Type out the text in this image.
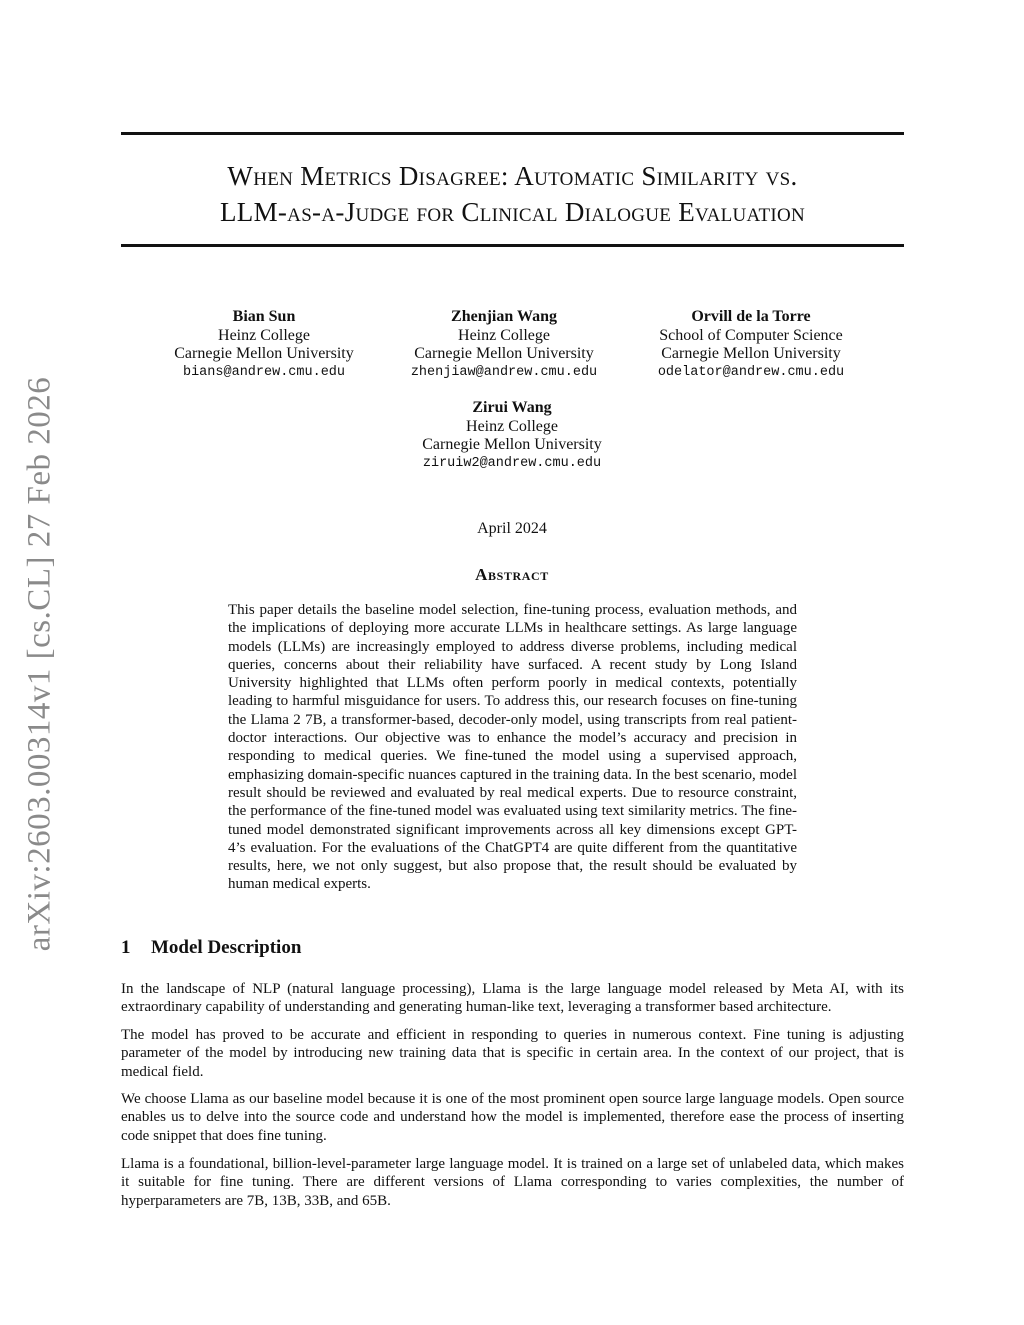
arXiv:2603.00314v1 [cs.CL] 27 Feb 2026
When Metrics Disagree: Automatic Similarity vs.
LLM-as-a-Judge for Clinical Dialogue Evaluation
Bian Sun
Heinz College
Carnegie Mellon University
bians@andrew.cmu.edu
Zhenjian Wang
Heinz College
Carnegie Mellon University
zhenjiaw@andrew.cmu.edu
Orvill de la Torre
School of Computer Science
Carnegie Mellon University
odelator@andrew.cmu.edu
Zirui Wang
Heinz College
Carnegie Mellon University
ziruiw2@andrew.cmu.edu
April 2024
Abstract

This paper details the baseline model selection, fine-tuning process, evaluation methods, and the implications of deploying more accurate LLMs in healthcare settings. As large language models (LLMs) are increasingly employed to address diverse problems, including medical queries, concerns about their reliability have surfaced. A recent study by Long Island University highlighted that LLMs often perform poorly in medical contexts, potentially leading to harmful misguidance for users. To address this, our research focuses on fine-tuning the Llama 2 7B, a transformer-based, decoder-only model, using transcripts from real patient-doctor interactions. Our objective was to enhance the model’s accuracy and precision in responding to medical queries. We fine-tuned the model using a supervised approach, emphasizing domain-specific nuances captured in the training data. In the best scenario, model result should be reviewed and evaluated by real medical experts. Due to resource constraint, the performance of the fine-tuned model was evaluated using text similarity metrics. The fine-tuned model demonstrated significant improvements across all key dimensions except GPT-4’s evaluation. For the evaluations of the ChatGPT4 are quite different from the quantitative results, here, we not only suggest, but also propose that, the result should be evaluated by human medical experts.

1 Model Description

In the landscape of NLP (natural language processing), Llama is the large language model released by Meta AI, with its extraordinary capability of understanding and generating human-like text, leveraging a transformer based architecture.

The model has proved to be accurate and efficient in responding to queries in numerous context. Fine tuning is adjusting parameter of the model by introducing new training data that is specific in certain area. In the context of our project, that is medical field.

We choose Llama as our baseline model because it is one of the most prominent open source large language models. Open source enables us to delve into the source code and understand how the model is implemented, therefore ease the process of inserting code snippet that does fine tuning.

Llama is a foundational, billion-level-parameter large language model. It is trained on a large set of unlabeled data, which makes it suitable for fine tuning. There are different versions of Llama corresponding to varies complexities, the number of hyperparameters are 7B, 13B, 33B, and 65B.
